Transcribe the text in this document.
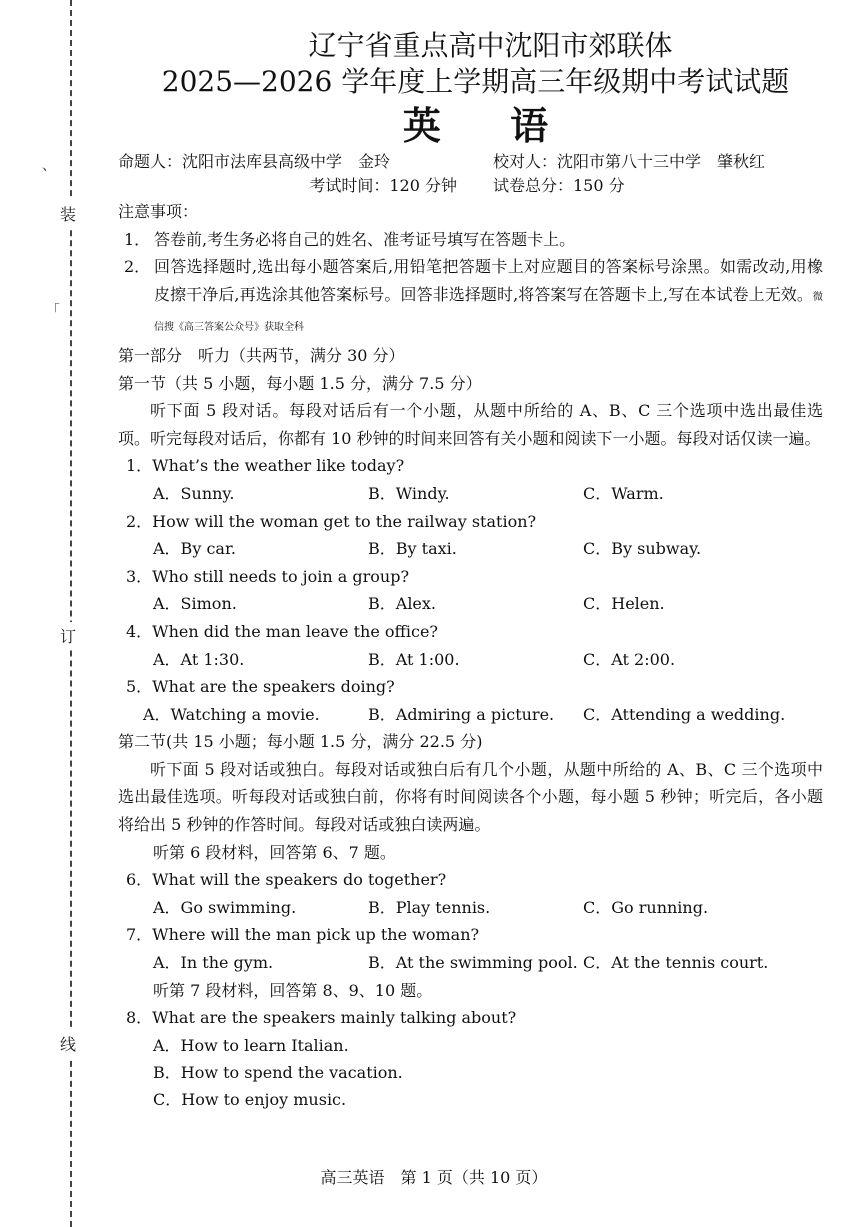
、
「
装
订
线
辽宁省重点高中沈阳市郊联体
2025—2026 学年度上学期高三年级期中考试试题
英 语
命题人：沈阳市法库县高级中学　金玲	校对人：沈阳市第八十三中学　肇秋红
考试时间：120 分钟	试卷总分：150 分
注意事项：
1． 答卷前,考生务必将自己的姓名、准考证号填写在答题卡上。
2． 回答选择题时,选出每小题答案后,用铅笔把答题卡上对应题目的答案标号涂黑。如需改动,用橡皮擦干净后,再选涂其他答案标号。回答非选择题时,将答案写在答题卡上,写在本试卷上无效。微信搜《高三答案公众号》获取全科
第一部分　听力（共两节，满分 30 分）
第一节（共 5 小题，每小题 1.5 分，满分 7.5 分）
听下面 5 段对话。每段对话后有一个小题，从题中所给的 A、B、C 三个选项中选出最佳选项。听完每段对话后，你都有 10 秒钟的时间来回答有关小题和阅读下一小题。每段对话仅读一遍。
1．What’s the weather like today?
A．Sunny.	B．Windy.	C．Warm.
2．How will the woman get to the railway station?
A．By car.	B．By taxi.	C．By subway.
3．Who still needs to join a group?
A．Simon.	B．Alex.	C．Helen.
4．When did the man leave the office?
A．At 1:30.	B．At 1:00.	C．At 2:00.
5．What are the speakers doing?
A．Watching a movie.	B．Admiring a picture.	C．Attending a wedding.
第二节(共 15 小题；每小题 1.5 分，满分 22.5 分)
听下面 5 段对话或独白。每段对话或独白后有几个小题，从题中所给的 A、B、C 三个选项中选出最佳选项。听每段对话或独白前，你将有时间阅读各个小题，每小题 5 秒钟；听完后，各小题将给出 5 秒钟的作答时间。每段对话或独白读两遍。
听第 6 段材料，回答第 6、7 题。
6．What will the speakers do together?
A．Go swimming.	B．Play tennis.	C．Go running.
7．Where will the man pick up the woman?
A．In the gym.	B．At the swimming pool. C．At the tennis court.
听第 7 段材料，回答第 8、9、10 题。
8．What are the speakers mainly talking about?
A．How to learn Italian.
B．How to spend the vacation.
C．How to enjoy music.
高三英语　第 1 页（共 10 页）
